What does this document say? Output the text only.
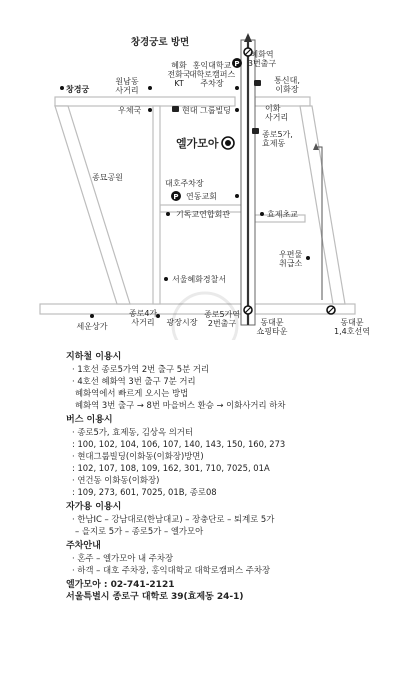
P
P
창경궁로 방면
혜화역
3번출구
창경궁
원남동
사거리
혜화
전화국
KT
홍익대학교
대학로캠퍼스
주차장	통신대,
이화장
우체국	현대 그룹빌딩	이화
사거리
종로5가,
효제동
엘가모아
종묘공원
대호주차장
연동교회
기독교연합회관	효제초교
우편물
취급소
서울혜화경찰서
세운상가
종로4가
사거리	광장시장
종로5가역
2번출구	동대문
쇼핑타운
동대문
1,4호선역
지하철 이용시
· 1호선 종로5가역 2번 출구 5분 거리
· 4호선 혜화역 3번 출구 7분 거리
혜화역에서 빠르게 오시는 방법
혜화역 3번 출구 → 8번 마을버스 환승 → 이화사거리 하차
버스 이용시
· 종로5가, 효제동, 김상옥 의거터
: 100, 102, 104, 106, 107, 140, 143, 150, 160, 273
· 현대그룹빌딩(이화동(이화장)방면)
: 102, 107, 108, 109, 162, 301, 710, 7025, 01A
· 연건동 이화동(이화장)
: 109, 273, 601, 7025, 01B, 종로08
자가용 이용시
· 한남IC – 강남대로(한남대교) – 장충단로 – 퇴계로 5가
– 을지로 5가 – 종로5가 – 엘가모아
주차안내
· 혼주 – 엘가모아 내 주차장
· 하객 – 대호 주차장, 홍익대학교 대학로캠퍼스 주차장
엘가모아 : 02-741-2121
서울특별시 종로구 대학로 39(효제동 24-1)
